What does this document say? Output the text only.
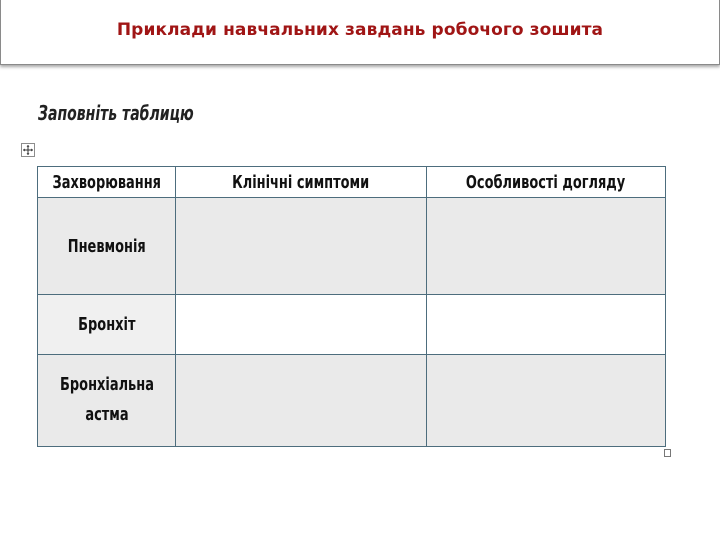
Приклади навчальних завдань робочого зошита
Заповніть таблицю
Захворювання	Клінічні симптоми	Особливості догляду
Пневмонія		
Бронхіт		
Бронхіальна астма		
